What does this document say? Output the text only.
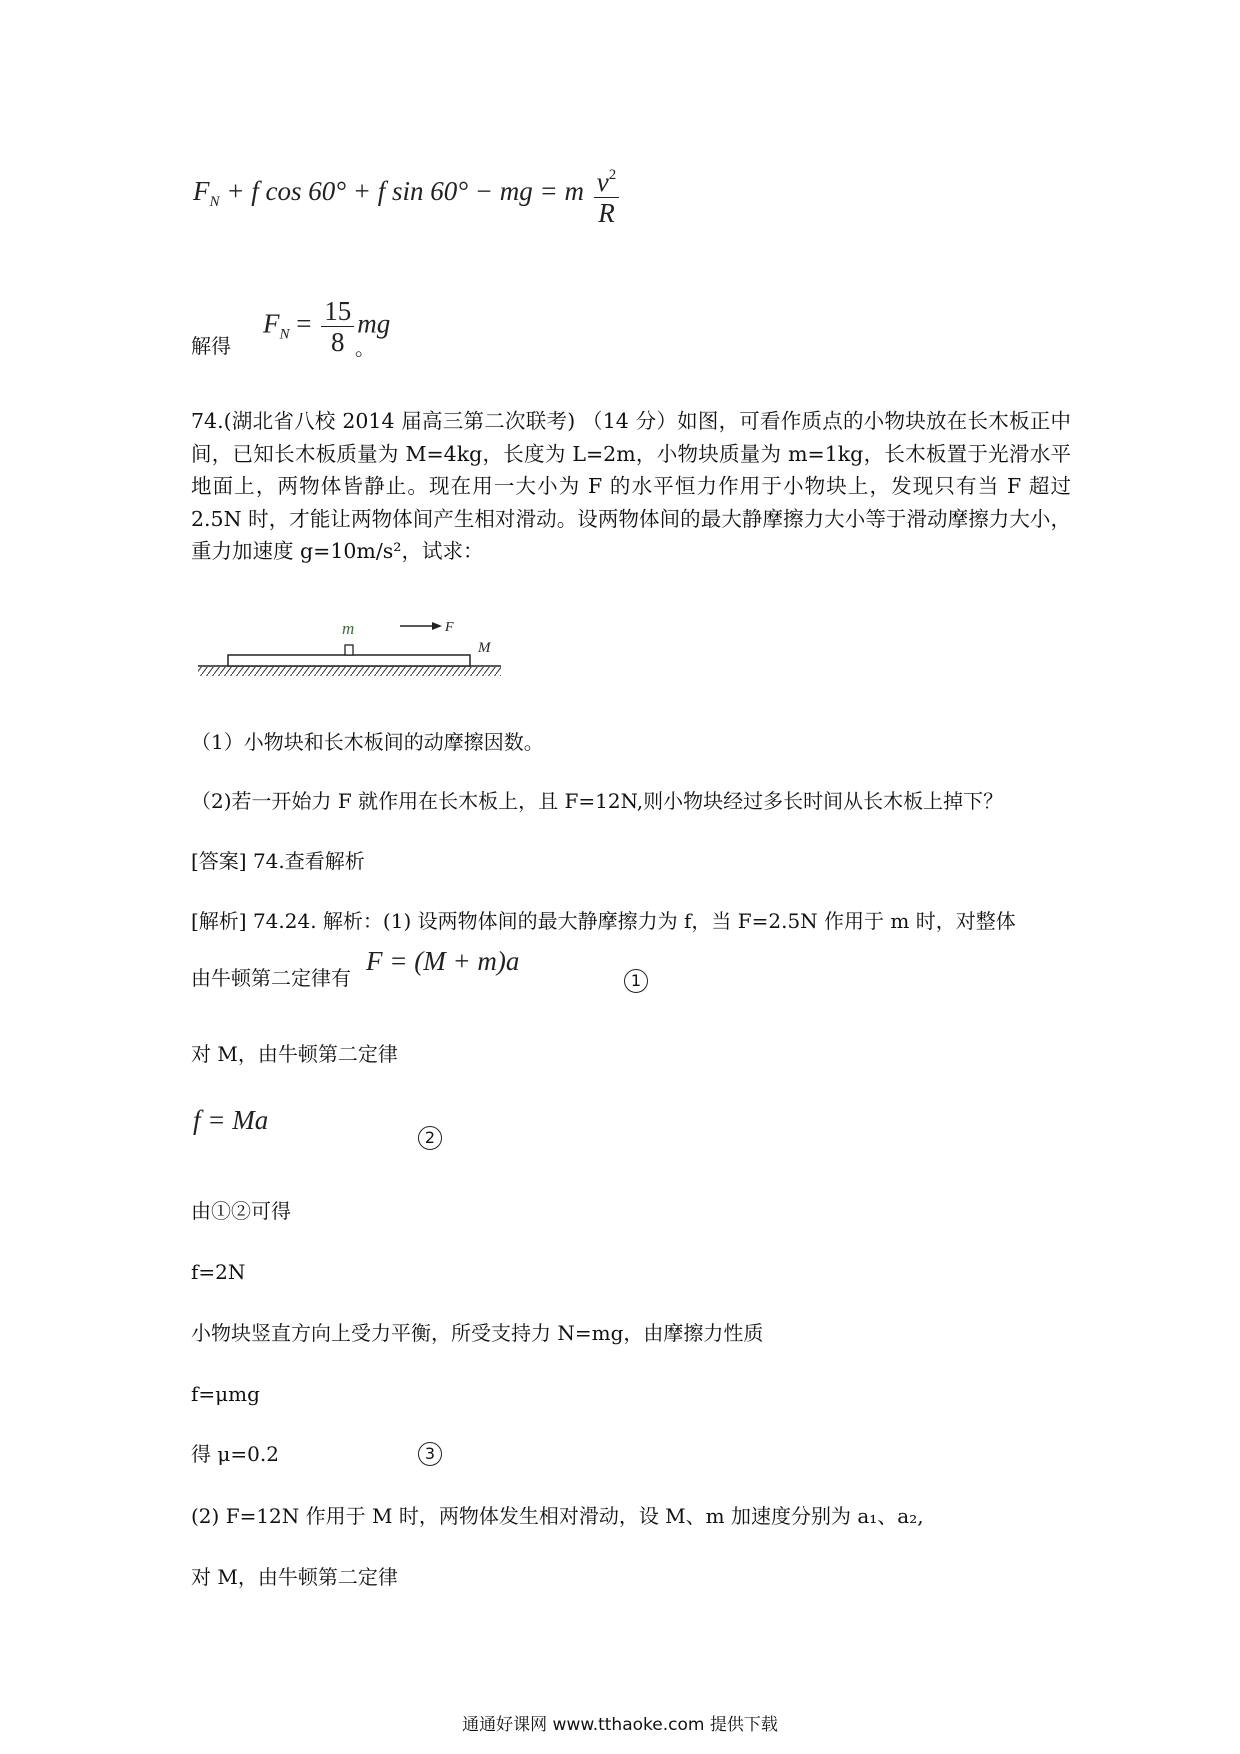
$F_N + f$ cos 60° + f sin 60° − mg = m $\frac{v^2}{R}$
解得
$F_N = \frac{15}{8}$ mg
。
74.(湖北省八校 2014 届高三第二次联考) （14 分）如图，可看作质点的小物块放在长木板正中间，已知长木板质量为 M=4kg，长度为 L=2m，小物块质量为 m=1kg，长木板置于光滑水平地面上，两物体皆静止。现在用一大小为 F 的水平恒力作用于小物块上，发现只有当 F 超过 2.5N 时，才能让两物体间产生相对滑动。设两物体间的最大静摩擦力大小等于滑动摩擦力大小，重力加速度 g=10m/s²，试求：
m	F
M
（1）小物块和长木板间的动摩擦因数。
（2)若一开始力 F 就作用在长木板上，且 F=12N,则小物块经过多长时间从长木板上掉下？
[答案] 74.查看解析
[解析] 74.24. 解析：(1) 设两物体间的最大静摩擦力为 f，当 F=2.5N 作用于 m 时，对整体
由牛顿第二定律有
F = (M + m)a
1
对 M，由牛顿第二定律
f = Ma
2
由①②可得
f=2N
小物块竖直方向上受力平衡，所受支持力 N=mg，由摩擦力性质
f=μmg
得 μ=0.2	3
(2) F=12N 作用于 M 时，两物体发生相对滑动，设 M、m 加速度分别为 a₁、a₂,
对 M，由牛顿第二定律
通通好课网 www.tthaoke.com 提供下载
